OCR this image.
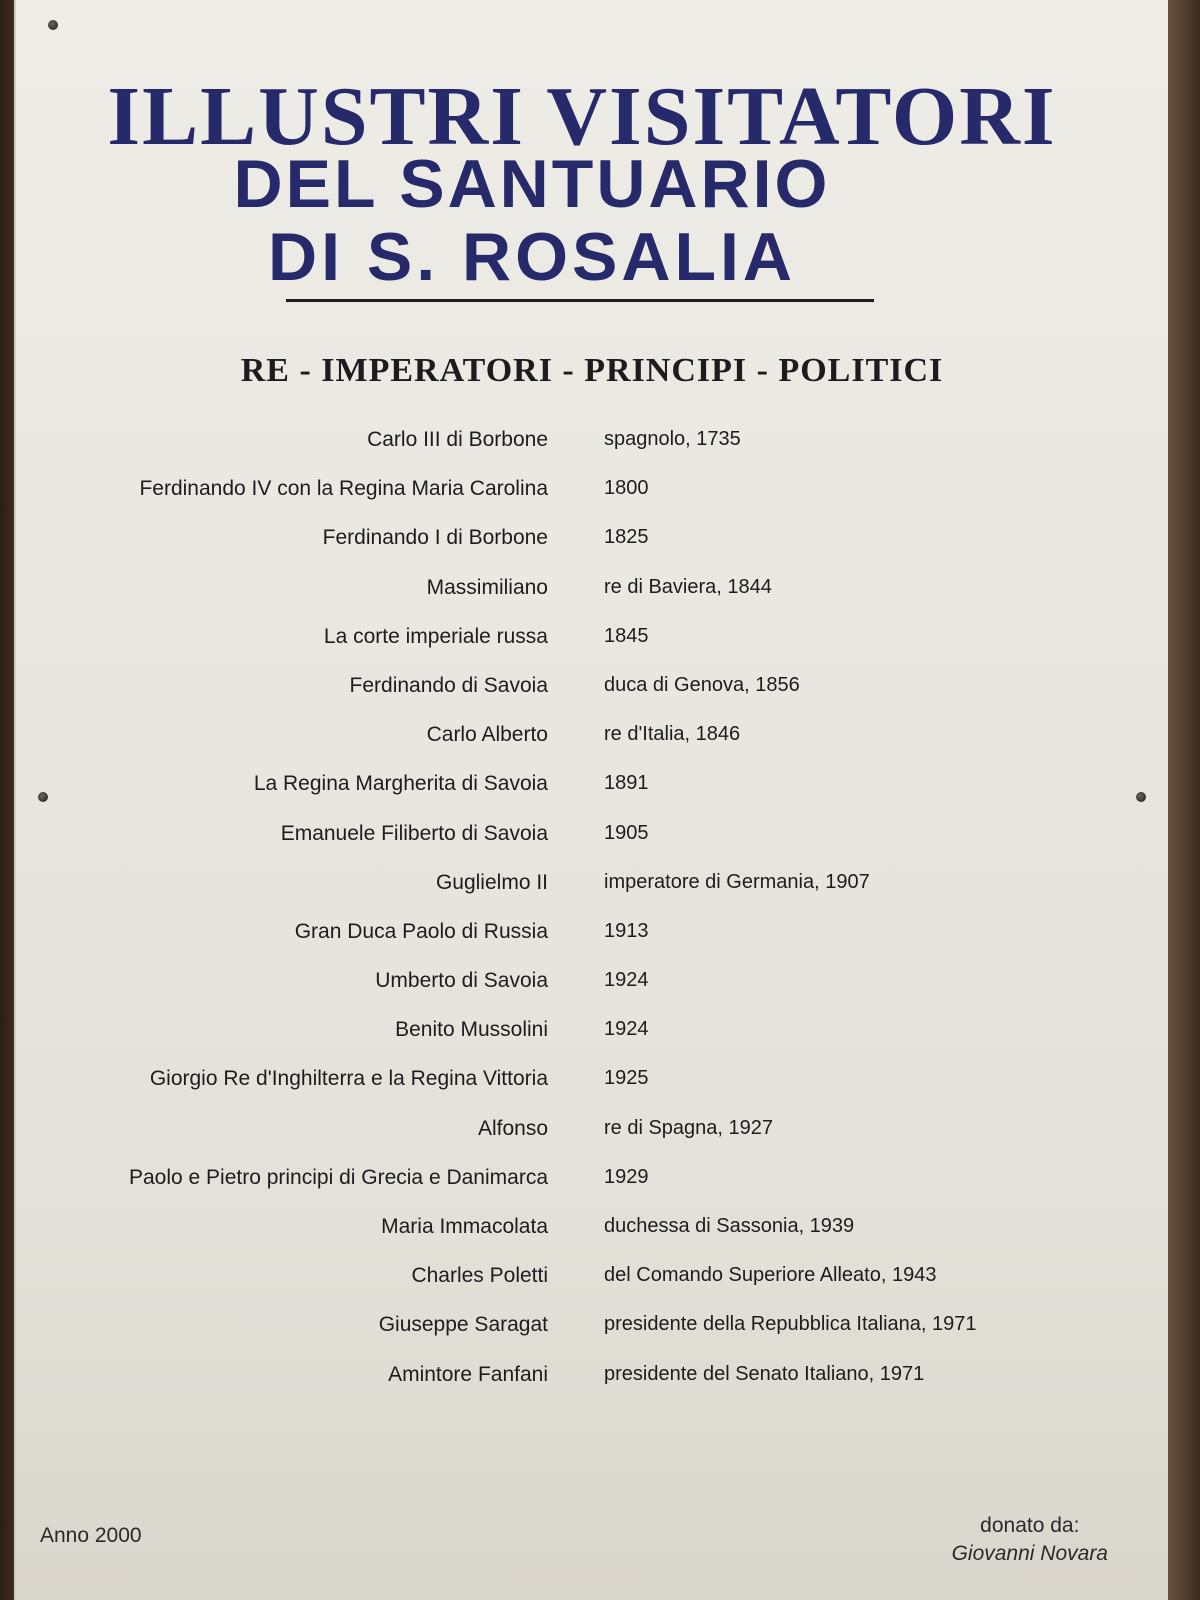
ILLUSTRI VISITATORI
DEL SANTUARIO
DI S. ROSALIA
RE - IMPERATORI - PRINCIPI - POLITICI
Carlo III di Borbone	spagnolo, 1735
Ferdinando IV con la Regina Maria Carolina	1800
Ferdinando I di Borbone	1825
Massimiliano	re di Baviera, 1844
La corte imperiale russa	1845
Ferdinando di Savoia	duca di Genova, 1856
Carlo Alberto	re d'Italia, 1846
La Regina Margherita di Savoia	1891
Emanuele Filiberto di Savoia	1905
Guglielmo II	imperatore di Germania, 1907
Gran Duca Paolo di Russia	1913
Umberto di Savoia	1924
Benito Mussolini	1924
Giorgio Re d'Inghilterra e la Regina Vittoria	1925
Alfonso	re di Spagna, 1927
Paolo e Pietro principi di Grecia e Danimarca	1929
Maria Immacolata	duchessa di Sassonia, 1939
Charles Poletti	del Comando Superiore Alleato, 1943
Giuseppe Saragat	presidente della Repubblica Italiana, 1971
Amintore Fanfani	presidente del Senato Italiano, 1971
Anno 2000	donato da:
Giovanni Novara
